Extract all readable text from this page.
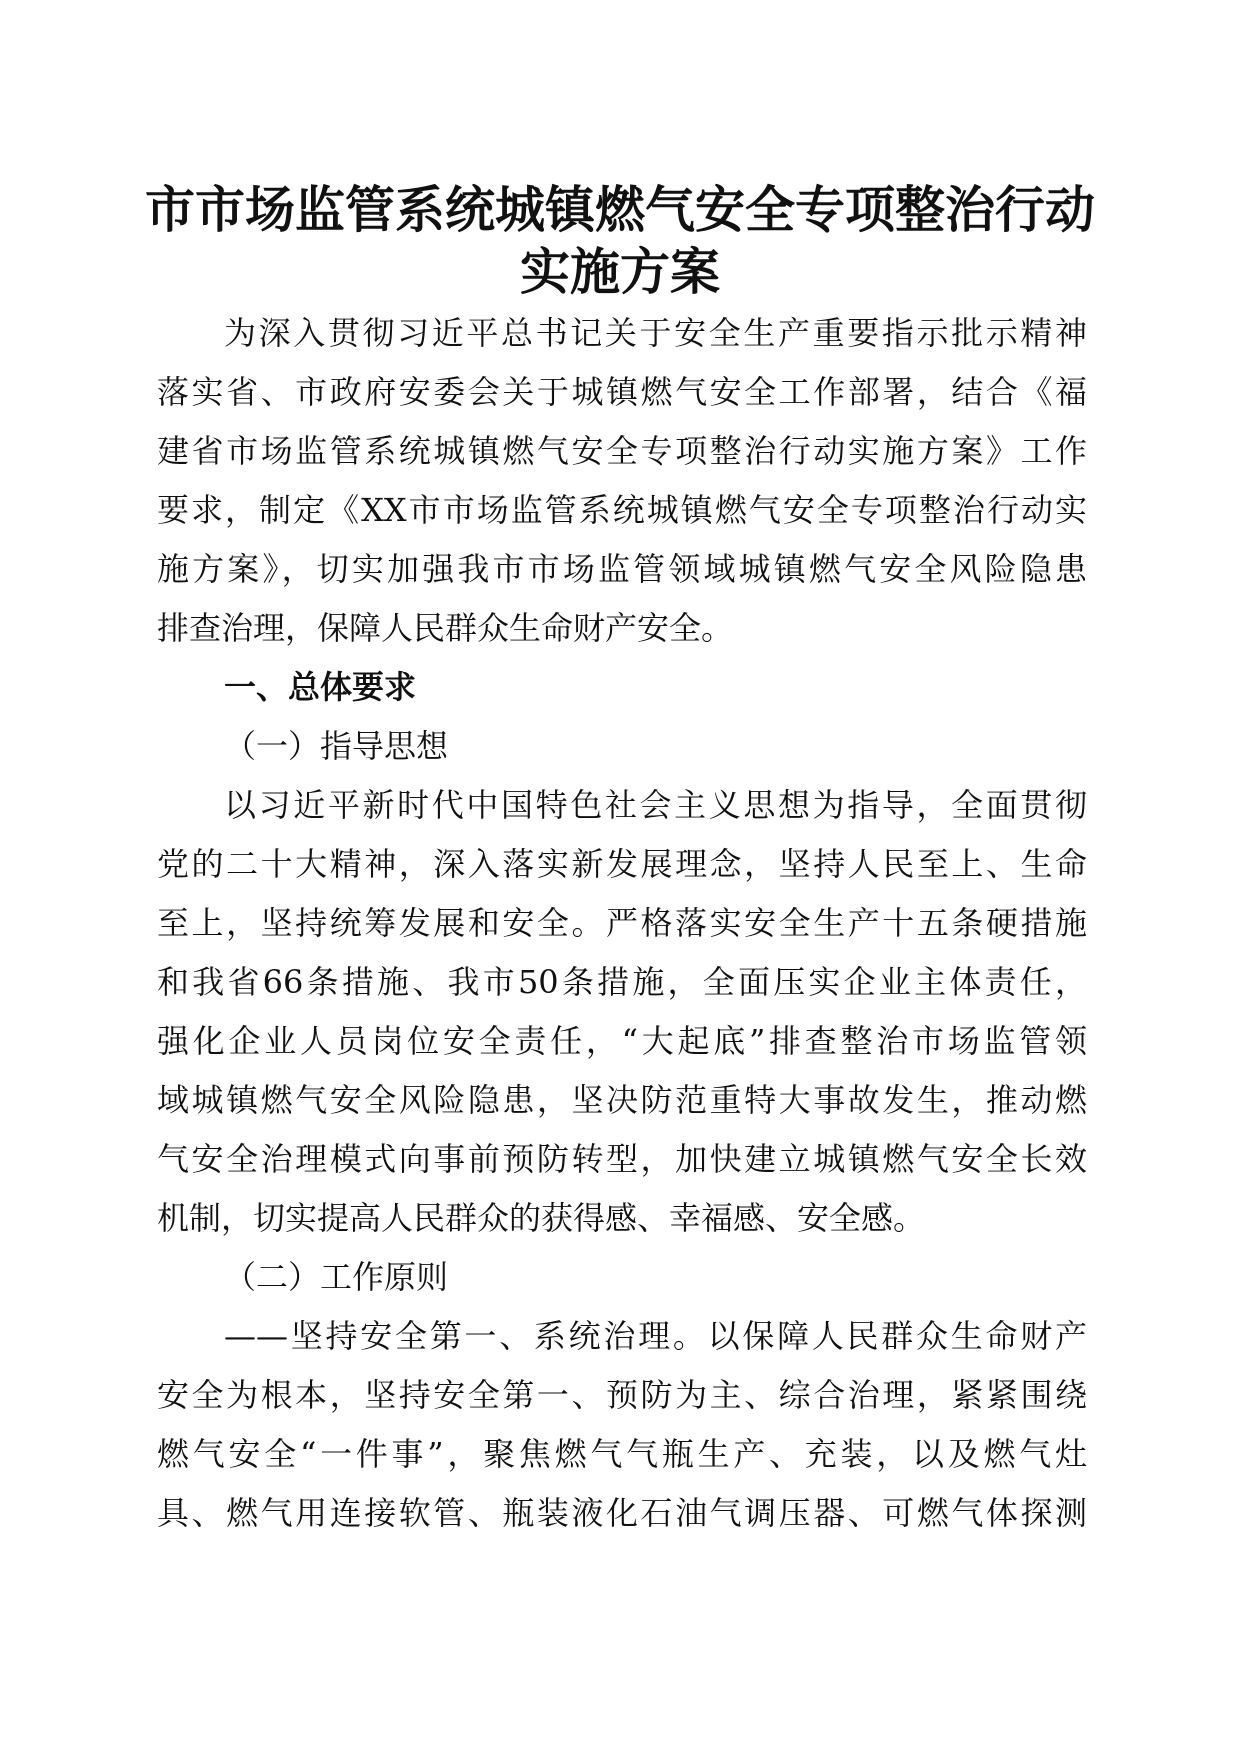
市市场监管系统城镇燃气安全专项整治行动
实施方案
为深入贯彻习近平总书记关于安全生产重要指示批示精神
落实省、市政府安委会关于城镇燃气安全工作部署，结合《福
建省市场监管系统城镇燃气安全专项整治行动实施方案》工作
要求，制定《XX市市场监管系统城镇燃气安全专项整治行动实
施方案》，切实加强我市市场监管领域城镇燃气安全风险隐患
排查治理，保障人民群众生命财产安全。
一、总体要求
（一）指导思想
以习近平新时代中国特色社会主义思想为指导，全面贯彻
党的二十大精神，深入落实新发展理念，坚持人民至上、生命
至上，坚持统筹发展和安全。严格落实安全生产十五条硬措施
和我省66条措施、我市50条措施，全面压实企业主体责任，
强化企业人员岗位安全责任，“大起底”排查整治市场监管领
域城镇燃气安全风险隐患，坚决防范重特大事故发生，推动燃
气安全治理模式向事前预防转型，加快建立城镇燃气安全长效
机制，切实提高人民群众的获得感、幸福感、安全感。
（二）工作原则
——坚持安全第一、系统治理。以保障人民群众生命财产
安全为根本，坚持安全第一、预防为主、综合治理，紧紧围绕
燃气安全“一件事”，聚焦燃气气瓶生产、充装，以及燃气灶
具、燃气用连接软管、瓶装液化石油气调压器、可燃气体探测
